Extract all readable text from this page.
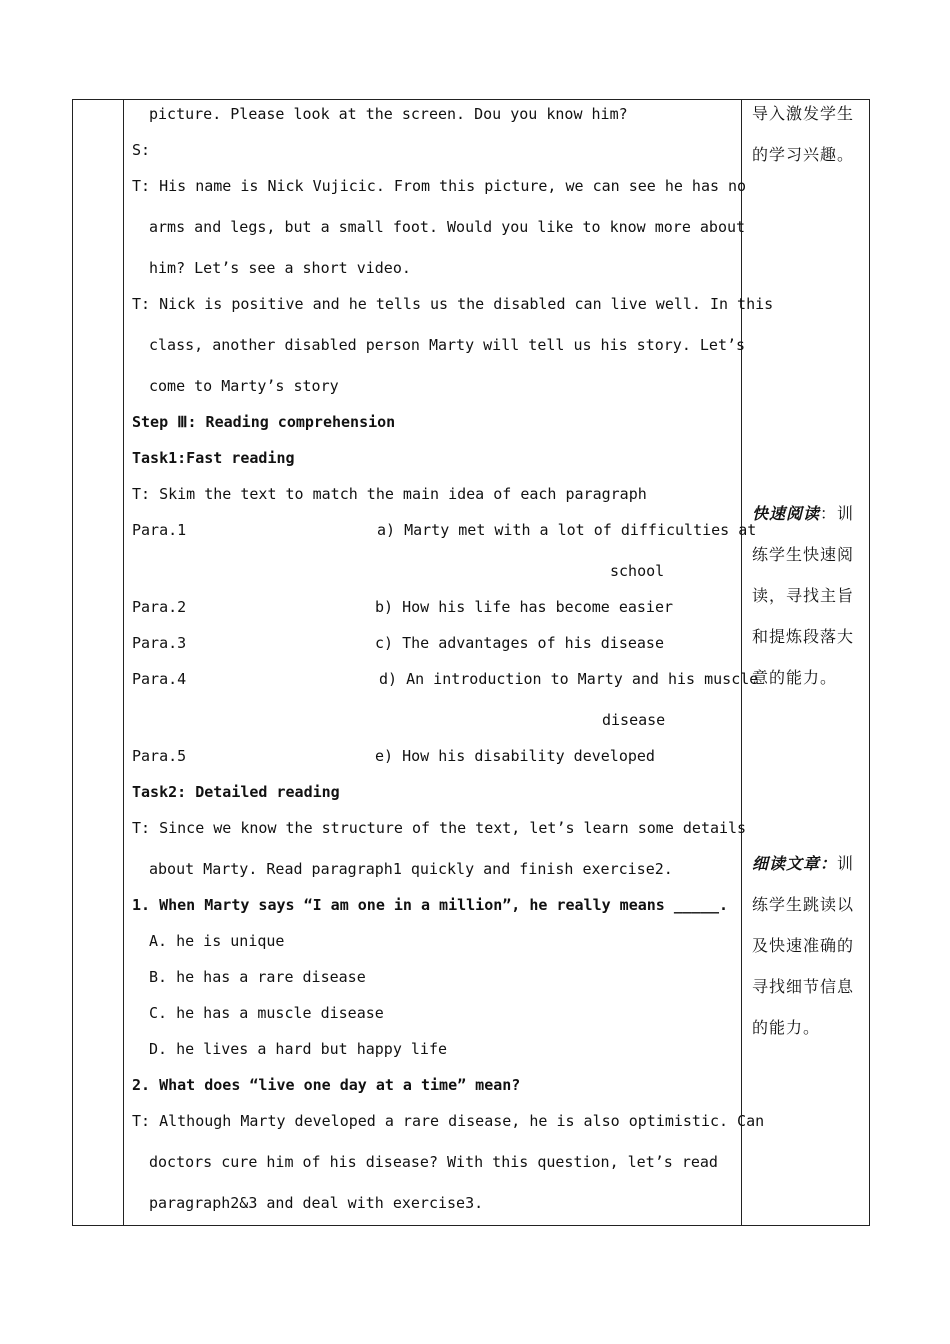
picture. Please look at the screen. Dou you know him?
S:
T: His name is Nick Vujicic. From this picture, we can see he has no
arms and legs, but a small foot. Would you like to know more about
him? Let’s see a short video.
T: Nick is positive and he tells us the disabled can live well. In this
class, another disabled person Marty will tell us his story. Let’s
come to Marty’s story
Step Ⅲ: Reading comprehension
Task1:Fast reading
T: Skim the text to match the main idea of each paragraph
Para.1	a) Marty met with a lot of difficulties at
school
Para.2	b) How his life has become easier
Para.3	c) The advantages of his disease
Para.4	d) An introduction to Marty and his muscle
disease
Para.5	e) How his disability developed
Task2: Detailed reading
T: Since we know the structure of the text, let’s learn some details
about Marty. Read paragraph1 quickly and finish exercise2.
1. When Marty says “I am one in a million”, he really means _____.
A. he is unique
B. he has a rare disease
C. he has a muscle disease
D. he lives a hard but happy life
2. What does “live one day at a time” mean?
T: Although Marty developed a rare disease, he is also optimistic. Can
doctors cure him of his disease? With this question, let’s read
paragraph2&3 and deal with exercise3.
导入激发学生
的学习兴趣。
快速阅读：训
练学生快速阅
读，寻找主旨
和提炼段落大
意的能力。
细读文章：训
练学生跳读以
及快速准确的
寻找细节信息
的能力。
